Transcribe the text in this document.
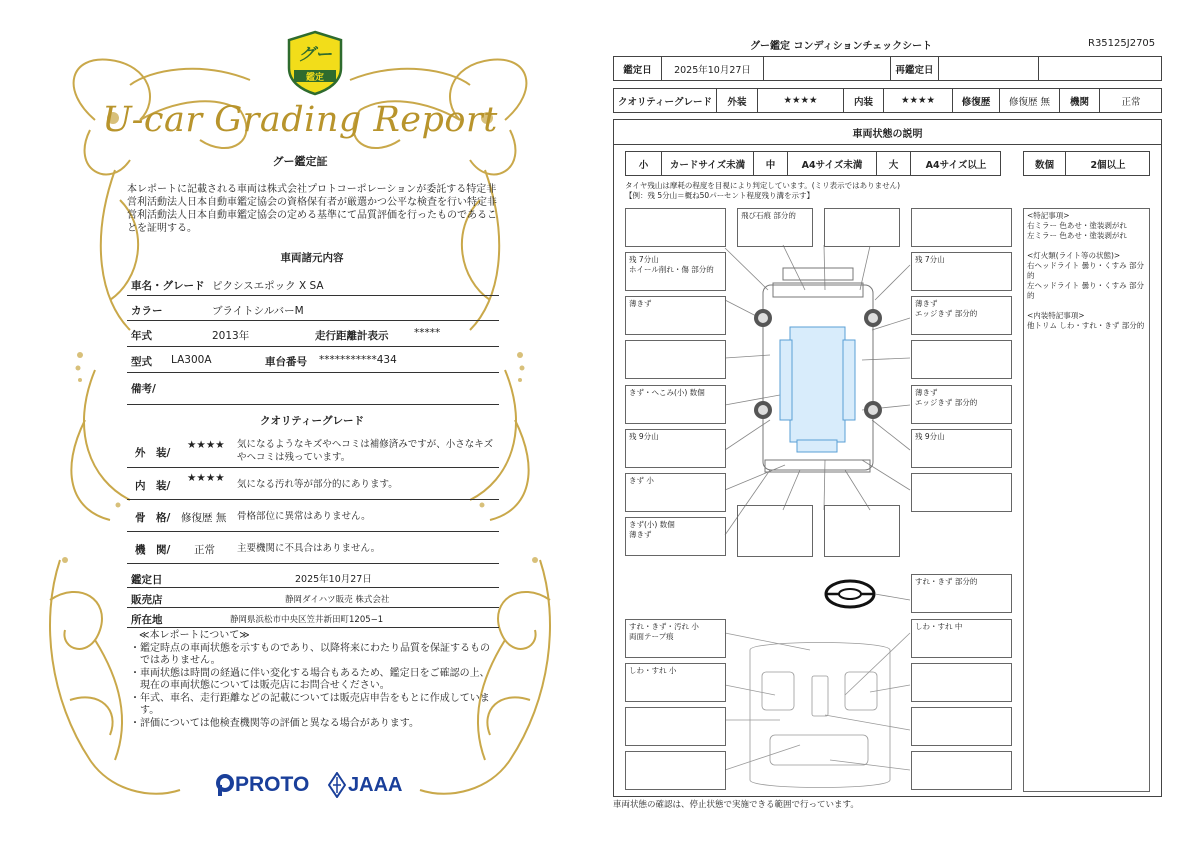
グー
鑑定
U-car Grading Report
グー鑑定証
本レポートに記載される車両は株式会社プロトコーポレーションが委託する特定非営利活動法人日本自動車鑑定協会の資格保有者が厳選かつ公平な検査を行い特定非営利活動法人日本自動車鑑定協会の定める基準にて品質評価を行ったものであることを証明する。
車両諸元内容
車名・グレード ピクシスエポック X SA
カラー	ブライトシルバーM
年式	2013年	走行距離計表示 *****
型式 LA300A	車台番号 ***********434
備考/
クオリティーグレード
外　装/
★★★★ 気になるようなキズやヘコミは補修済みですが、小さなキズやヘコミは残っています。
内　装/
★★★★
気になる汚れ等が部分的にあります。
骨　格/ 修復歴 無 骨格部位に異常はありません。
機　関/ 正常 主要機関に不具合はありません。
鑑定日	2025年10月27日
販売店	静岡ダイハツ販売 株式会社
所在地	静岡県浜松市中央区笠井新田町1205−1
≪本レポートについて≫
・鑑定時点の車両状態を示すものであり、以降将来にわたり品質を保証するものではありません。
・車両状態は時間の経過に伴い変化する場合もあるため、鑑定日をご確認の上、現在の車両状態については販売店にお問合せください。
・年式、車名、走行距離などの記載については販売店申告をもとに作成しています。
・評価については他検査機関等の評価と異なる場合があります。
PROTO JAAA
グー鑑定 コンディションチェックシート	R35125J2705
鑑定日	2025年10月27日	再鑑定日
クオリティーグレード	外装	★★★★	内装	★★★★	修復歴	修復歴 無	機関	正常
車両状態の説明
小	カードサイズ未満	中	A4サイズ未満	大	A4サイズ以上	数個	2個以上
タイヤ残山は摩耗の程度を目視により判定しています。(ミリ表示ではありません)
【例：残 5分山＝概ね50パーセント程度残り溝を示す】
飛び石痕 部分的
残 7分山
ホイール削れ・傷 部分的
薄きず
きず・へこみ(小) 数個
残 9分山
きず 小
きず(小) 数個
薄きず
残 7分山
薄きず
エッジきず 部分的
薄きず
エッジきず 部分的
残 9分山
<特記事項>
右ミラー 色あせ・塗装剥がれ
左ミラー 色あせ・塗装剥がれ

<灯火類(ライト等の状態)>
右ヘッドライト 曇り・くすみ 部分的
左ヘッドライト 曇り・くすみ 部分的

<内装特記事項>
他トリム しわ・すれ・きず 部分的
すれ・きず 部分的
すれ・きず・汚れ 小
両面テープ痕
しわ・すれ 小
しわ・すれ 中
車両状態の確認は、停止状態で実施できる範囲で行っています。
